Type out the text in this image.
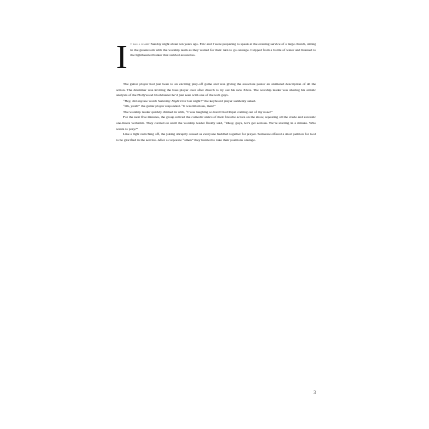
It was a balmy Sunday night about ten years ago. Eric and I were preparing to speak at the evening service of a large church, sitting in the greenroom with the worship team as they waited for their turn to go onstage. I sipped from a bottle of water and listened to the lighthearted banter that swirled around us.

The guitar player had just been to an exciting play-off game and was giving the associate pastor an animated description of all the action. The drummer was inviting the bass player over after church to try out his new Xbox. The worship leader was sharing his artistic analysis of the Hollywood blockbuster he’d just seen with one of the tech guys.

“Hey, did anyone watch Saturday Night Live last night?” the keyboard player suddenly asked.

“Oh, yeah!” the guitar player responded. “It was hilarious, man!”

The worship leader quickly chimed in with, “I was laughing so hard I had Pepsi coming out of my nose!”

For the next five minutes, the group relived the comedic antics of their favorite actors on the show, repeating all the crude and sarcastic one-liners verbatim. They carried on until the worship leader finally said, “Okay, guys, let’s get serious. We’re starting in a minute. Who wants to pray?”

Like a light switching off, the joking abruptly ceased as everyone huddled together for prayer. Someone offered a short petition for God to be glorified in the service. After a corporate “amen” they hurried to take their positions onstage.

3
